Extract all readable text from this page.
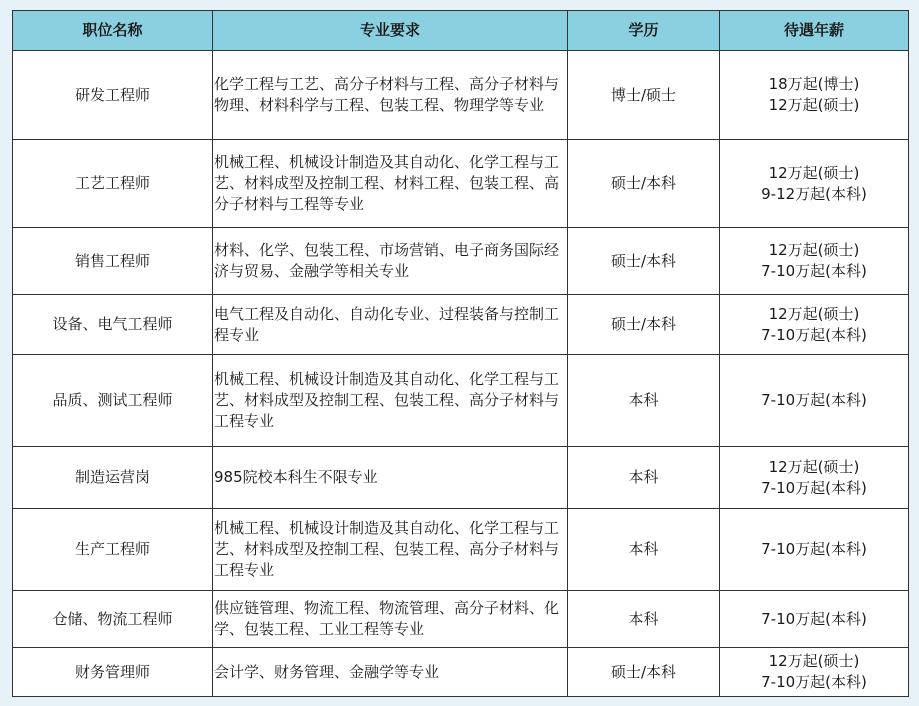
职位名称	专业要求	学历	待遇年薪
研发工程师	化学工程与工艺、高分子材料与工程、高分子材料与物理、材料科学与工程、包装工程、物理学等专业	博士/硕士	18万起(博士)
12万起(硕士)

工艺工程师	机械工程、机械设计制造及其自动化、化学工程与工艺、材料成型及控制工程、材料工程、包装工程、高分子材料与工程等专业	硕士/本科	12万起(硕士)
9-12万起(本科)

销售工程师	材料、化学、包装工程、市场营销、电子商务国际经济与贸易、金融学等相关专业	硕士/本科	12万起(硕士)
7-10万起(本科)

设备、电气工程师	电气工程及自动化、自动化专业、过程装备与控制工程专业	硕士/本科	12万起(硕士)
7-10万起(本科)

品质、测试工程师	机械工程、机械设计制造及其自动化、化学工程与工艺、材料成型及控制工程、包装工程、高分子材料与工程专业	本科	7-10万起(本科)

制造运营岗	985院校本科生不限专业	本科	12万起(硕士)
7-10万起(本科)

生产工程师	机械工程、机械设计制造及其自动化、化学工程与工艺、材料成型及控制工程、包装工程、高分子材料与工程专业	本科	7-10万起(本科)

仓储、物流工程师	供应链管理、物流工程、物流管理、高分子材料、化学、包装工程、工业工程等专业	本科	7-10万起(本科)

财务管理师	会计学、财务管理、金融学等专业	硕士/本科	12万起(硕士)
7-10万起(本科)
